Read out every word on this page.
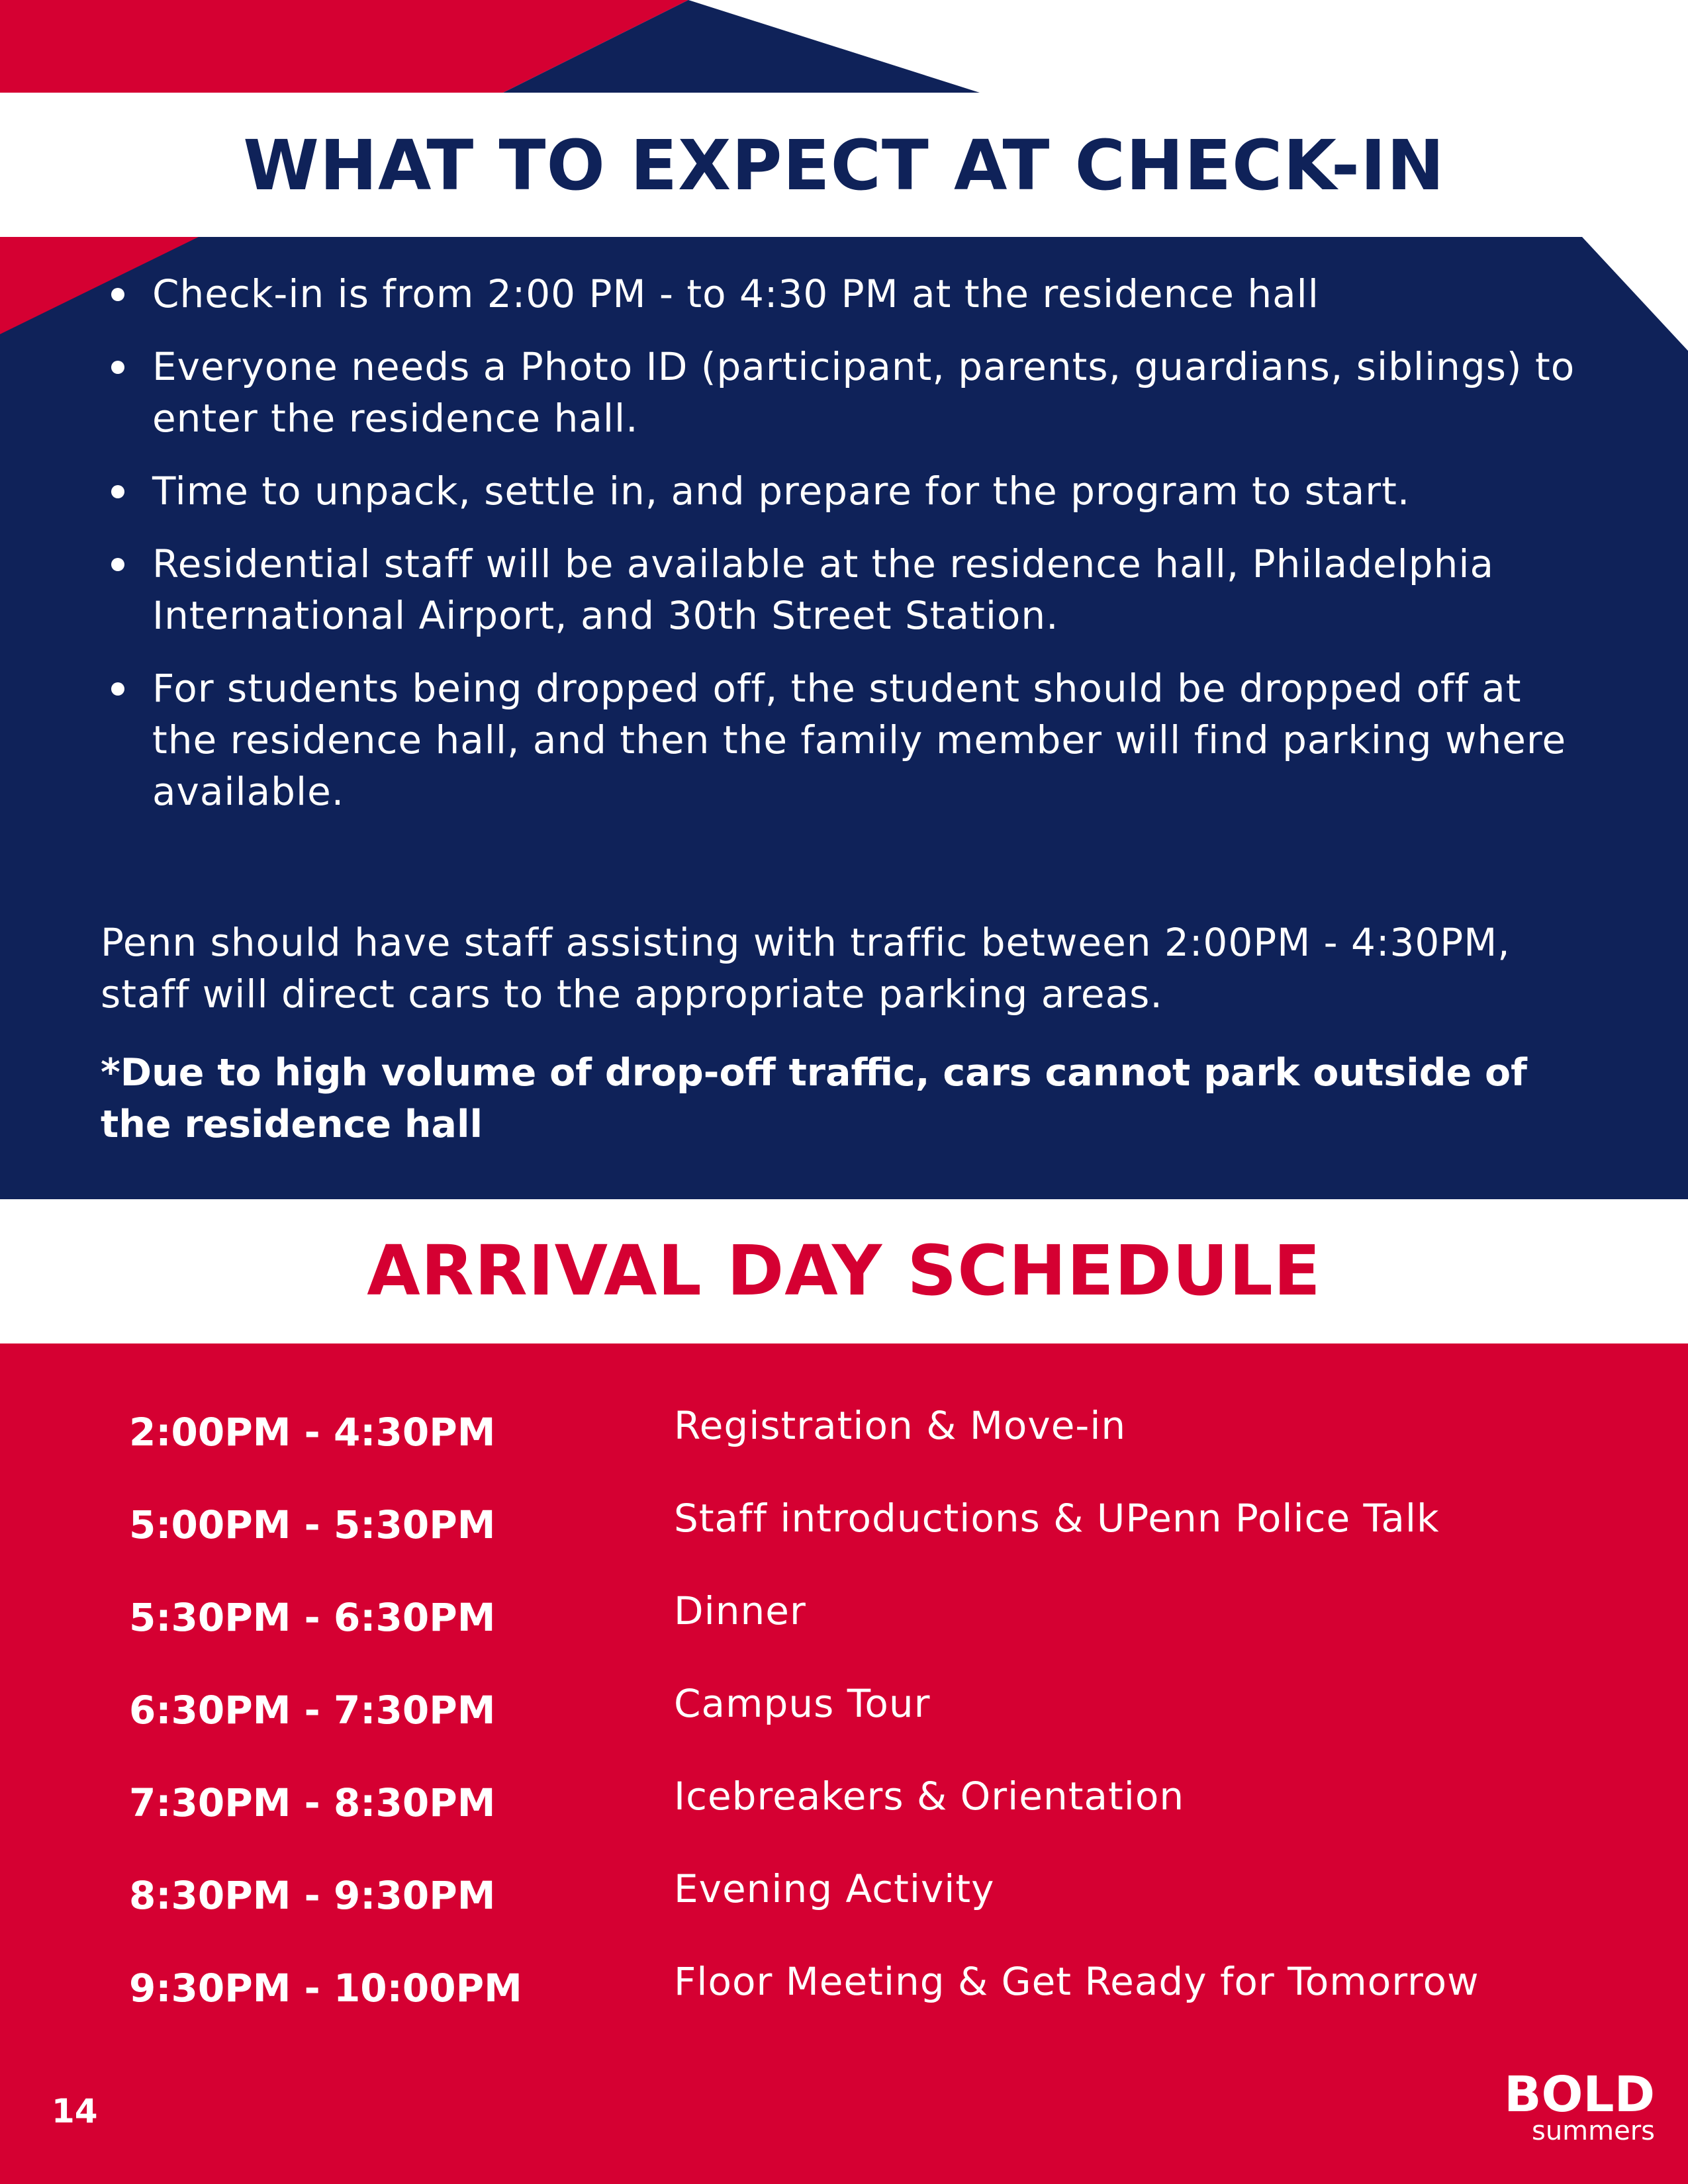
WHAT TO EXPECT AT CHECK-IN
Check-in is from 2:00 PM - to 4:30 PM at the residence hall
Everyone needs a Photo ID (participant, parents, guardians, siblings) to enter the residence hall.
Time to unpack, settle in, and prepare for the program to start.
Residential staff will be available at the residence hall, Philadelphia International Airport, and 30th Street Station.
For students being dropped off, the student should be dropped off at the residence hall, and then the family member will find parking where available.

Penn should have staff assisting with traffic between 2:00PM - 4:30PM, staff will direct cars to the appropriate parking areas.

*Due to high volume of drop-off traffic, cars cannot park outside of the residence hall

ARRIVAL DAY SCHEDULE
2:00PM - 4:30PM	Registration & Move-in
5:00PM - 5:30PM	Staff introductions & UPenn Police Talk
5:30PM - 6:30PM	Dinner
6:30PM - 7:30PM	Campus Tour
7:30PM - 8:30PM	Icebreakers & Orientation
8:30PM - 9:30PM	Evening Activity
9:30PM - 10:00PM	Floor Meeting & Get Ready for Tomorrow
14	BOLD
summers
